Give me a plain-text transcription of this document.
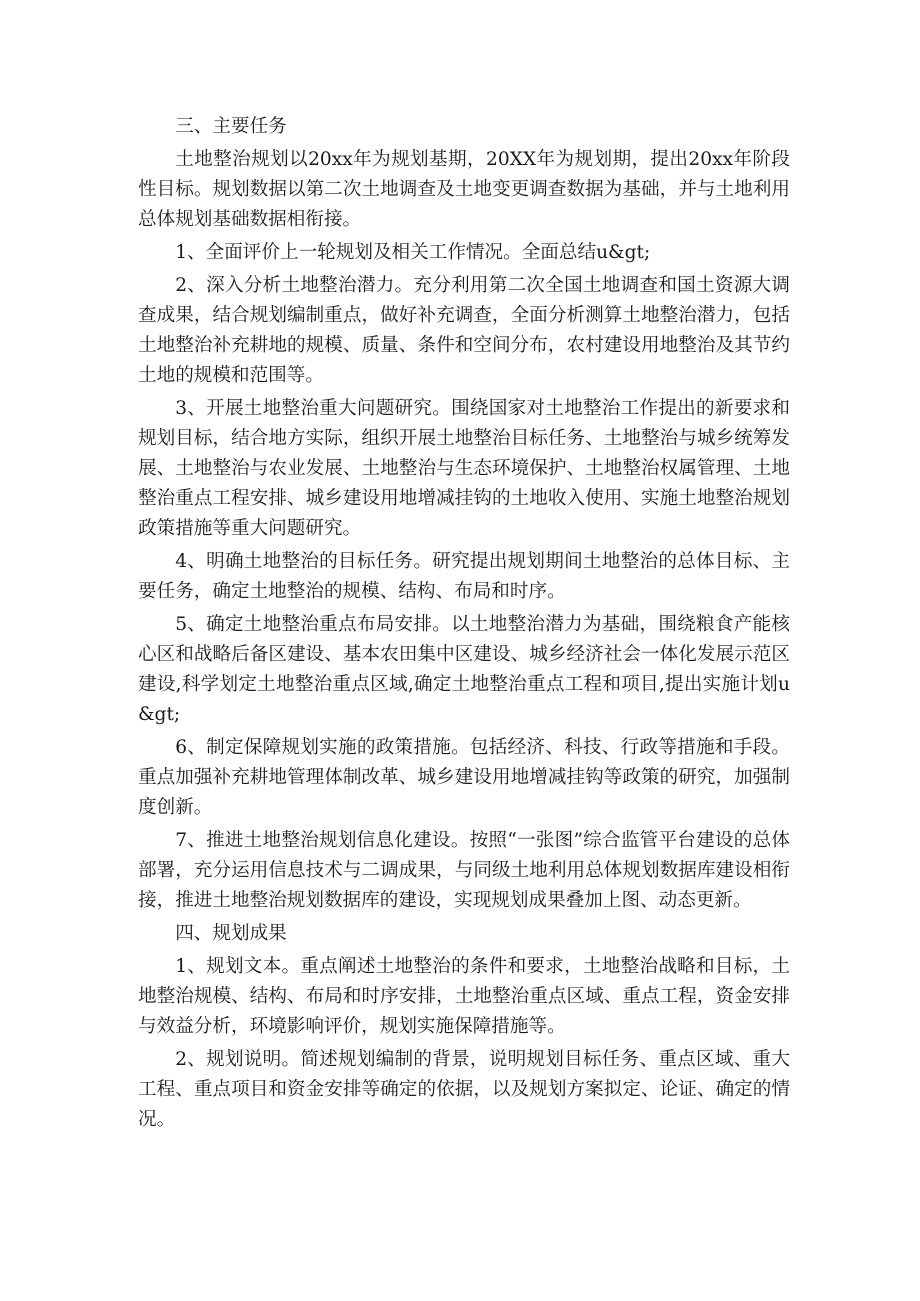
三、主要任务

土地整治规划以20xx年为规划基期，20XX年为规划期，提出20xx年阶段性目标。规划数据以第二次土地调查及土地变更调查数据为基础，并与土地利用总体规划基础数据相衔接。

1、全面评价上一轮规划及相关工作情况。全面总结u&gt;

2、深入分析土地整治潜力。充分利用第二次全国土地调查和国土资源大调查成果，结合规划编制重点，做好补充调查，全面分析测算土地整治潜力，包括土地整治补充耕地的规模、质量、条件和空间分布，农村建设用地整治及其节约土地的规模和范围等。

3、开展土地整治重大问题研究。围绕国家对土地整治工作提出的新要求和规划目标，结合地方实际，组织开展土地整治目标任务、土地整治与城乡统筹发展、土地整治与农业发展、土地整治与生态环境保护、土地整治权属管理、土地整治重点工程安排、城乡建设用地增减挂钩的土地收入使用、实施土地整治规划政策措施等重大问题研究。

4、明确土地整治的目标任务。研究提出规划期间土地整治的总体目标、主要任务，确定土地整治的规模、结构、布局和时序。

5、确定土地整治重点布局安排。以土地整治潜力为基础，围绕粮食产能核心区和战略后备区建设、基本农田集中区建设、城乡经济社会一体化发展示范区建设,科学划定土地整治重点区域,确定土地整治重点工程和项目,提出实施计划u&gt;

6、制定保障规划实施的政策措施。包括经济、科技、行政等措施和手段。重点加强补充耕地管理体制改革、城乡建设用地增减挂钩等政策的研究，加强制度创新。

7、推进土地整治规划信息化建设。按照“一张图”综合监管平台建设的总体部署，充分运用信息技术与二调成果，与同级土地利用总体规划数据库建设相衔接，推进土地整治规划数据库的建设，实现规划成果叠加上图、动态更新。

四、规划成果

1、规划文本。重点阐述土地整治的条件和要求，土地整治战略和目标，土地整治规模、结构、布局和时序安排，土地整治重点区域、重点工程，资金安排与效益分析，环境影响评价，规划实施保障措施等。

2、规划说明。简述规划编制的背景，说明规划目标任务、重点区域、重大工程、重点项目和资金安排等确定的依据，以及规划方案拟定、论证、确定的情况。
